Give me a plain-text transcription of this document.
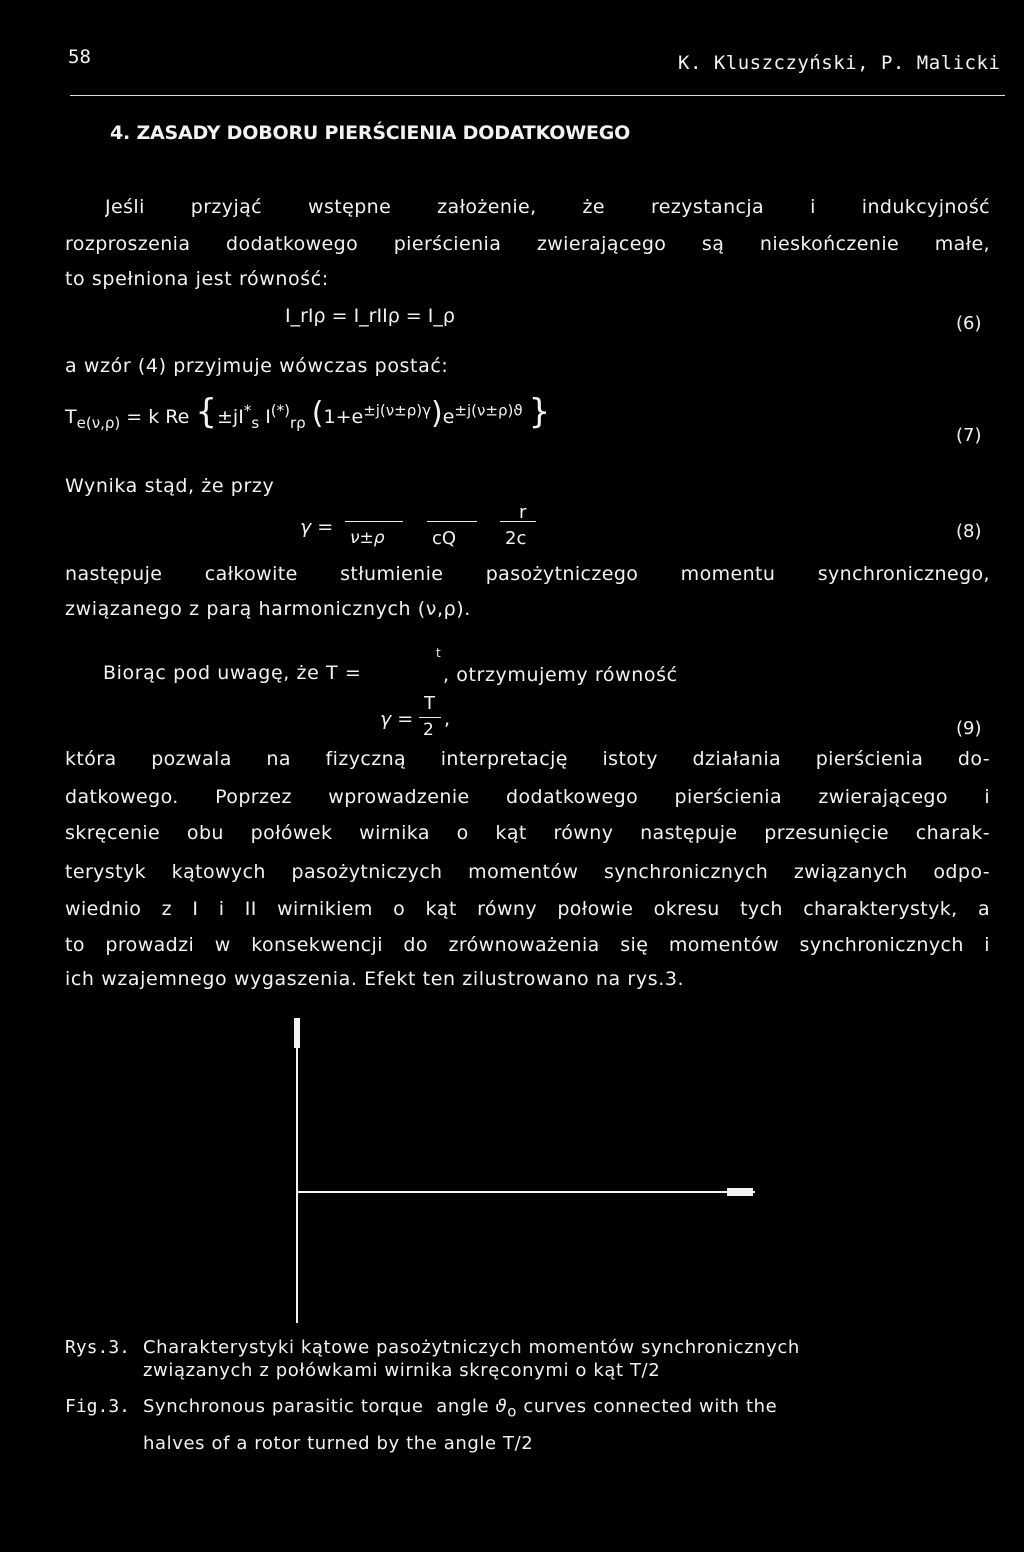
58	K. Kluszczyński, P. Malicki
4. ZASADY DOBORU PIERŚCIENIA DODATKOWEGO
Jeśli przyjąć wstępne założenie, że rezystancja i indukcyjność
rozproszenia dodatkowego pierścienia zwierającego są nieskończenie małe,
to spełniona jest równość:
I_rIρ = I_rIIρ = I_ρ	(6)
a wzór (4) przyjmuje wówczas postać:
$T_{e(\nu,\rho)} = k$ Re {$\pm jI^*_s$ $I^{(*)}_{r\rho}$ $(1+e^{\pm j(\nu\pm\rho)\gamma})e^{\pm j(\nu\pm\rho)ϑ}$ }
(7)
Wynika stąd, że przy
γ = ν±ρ	cQ
r
2c	(8)
następuje całkowite stłumienie pasożytniczego momentu synchronicznego,
związanego z parą harmonicznych (ν,ρ).
t
Biorąc pod uwagę, że T =	, otrzymujemy równość
γ =
T
2 ,	(9)
która pozwala na fizyczną interpretację istoty działania pierścienia do-
datkowego. Poprzez wprowadzenie dodatkowego pierścienia zwierającego i
skręcenie obu połówek wirnika o kąt równy następuje przesunięcie charak-
terystyk kątowych pasożytniczych momentów synchronicznych związanych odpo-
wiednio z I i II wirnikiem o kąt równy połowie okresu tych charakterystyk, a
to prowadzi w konsekwencji do zrównoważenia się momentów synchronicznych i
ich wzajemnego wygaszenia. Efekt ten zilustrowano na rys.3.
Rys.3. Charakterystyki kątowe pasożytniczych momentów synchronicznych
związanych z połówkami wirnika skręconymi o kąt T/2
Fig.3. Synchronous parasitic torque angle $ϑ_o$ curves connected with the
halves of a rotor turned by the angle T/2
